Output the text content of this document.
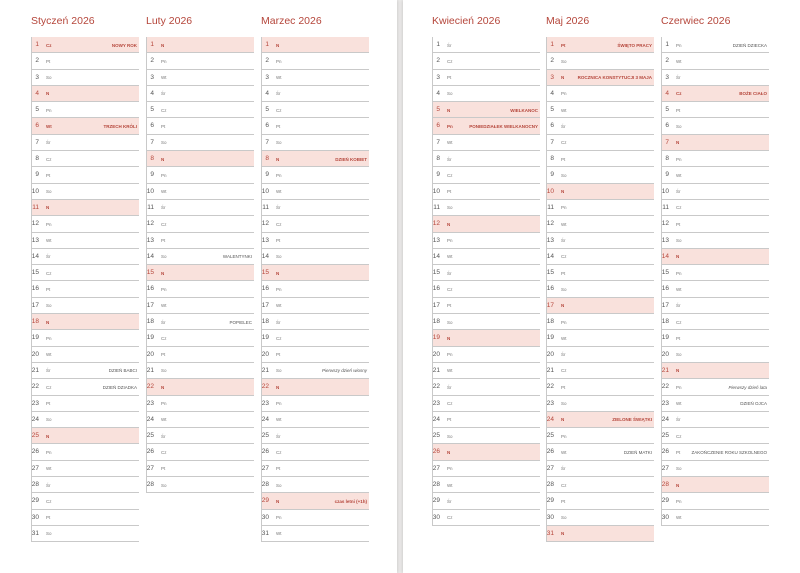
Styczeń 2026
1 Cz	NOWY ROK
2 Pt
3 So
4 N
5 Pn
6 Wt	TRZECH KRÓLI
7 Śr
8 Cz
9 Pt
10 So
11 N
12 Pn
13 Wt
14 Śr
15 Cz
16 Pt
17 So
18 N
19 Pn
20 Wt
21 Śr	DZIEŃ BABCI
22 Cz	DZIEŃ DZIADKA
23 Pt
24 So
25 N
26 Pn
27 Wt
28 Śr
29 Cz
30 Pt
31 So
Luty 2026
1 N
2 Pn
3 Wt
4 Śr
5 Cz
6 Pt
7 So
8 N
9 Pn
10 Wt
11 Śr
12 Cz
13 Pt
14 So	WALENTYNKI
15 N
16 Pn
17 Wt
18 Śr	POPIELEC
19 Cz
20 Pt
21 So
22 N
23 Pn
24 Wt
25 Śr
26 Cz
27 Pt
28 So
Marzec 2026
1 N
2 Pn
3 Wt
4 Śr
5 Cz
6 Pt
7 So
8 N	DZIEŃ KOBIET
9 Pn
10 Wt
11 Śr
12 Cz
13 Pt
14 So
15 N
16 Pn
17 Wt
18 Śr
19 Cz
20 Pt
21 So	Pierwszy dzień wiosny
22 N
23 Pn
24 Wt
25 Śr
26 Cz
27 Pt
28 So
29 N	czas letni (+1h)
30 Pn
31 Wt
Kwiecień 2026
1 Śr
2 Cz
3 Pt
4 So
5 N	WIELKANOC
6 Pn	PONIEDZIAŁEK WIELKANOCNY
7 Wt
8 Śr
9 Cz
10 Pt
11 So
12 N
13 Pn
14 Wt
15 Śr
16 Cz
17 Pt
18 So
19 N
20 Pn
21 Wt
22 Śr
23 Cz
24 Pt
25 So
26 N
27 Pn
28 Wt
29 Śr
30 Cz
Maj 2026
1 Pt	ŚWIĘTO PRACY
2 So
3 N	ROCZNICA KONSTYTUCJI 3 MAJA
4 Pn
5 Wt
6 Śr
7 Cz
8 Pt
9 So
10 N
11 Pn
12 Wt
13 Śr
14 Cz
15 Pt
16 So
17 N
18 Pn
19 Wt
20 Śr
21 Cz
22 Pt
23 So
24 N	ZIELONE ŚWIĄTKI
25 Pn
26 Wt	DZIEŃ MATKI
27 Śr
28 Cz
29 Pt
30 So
31 N
Czerwiec 2026
1 Pn	DZIEŃ DZIECKA
2 Wt
3 Śr
4 Cz	BOŻE CIAŁO
5 Pt
6 So
7 N
8 Pn
9 Wt
10 Śr
11 Cz
12 Pt
13 So
14 N
15 Pn
16 Wt
17 Śr
18 Cz
19 Pt
20 So
21 N
22 Pn	Pierwszy dzień lata
23 Wt	DZIEŃ OJCA
24 Śr
25 Cz
26 Pt ZAKOŃCZENIE ROKU SZKOLNEGO
27 So
28 N
29 Pn
30 Wt
